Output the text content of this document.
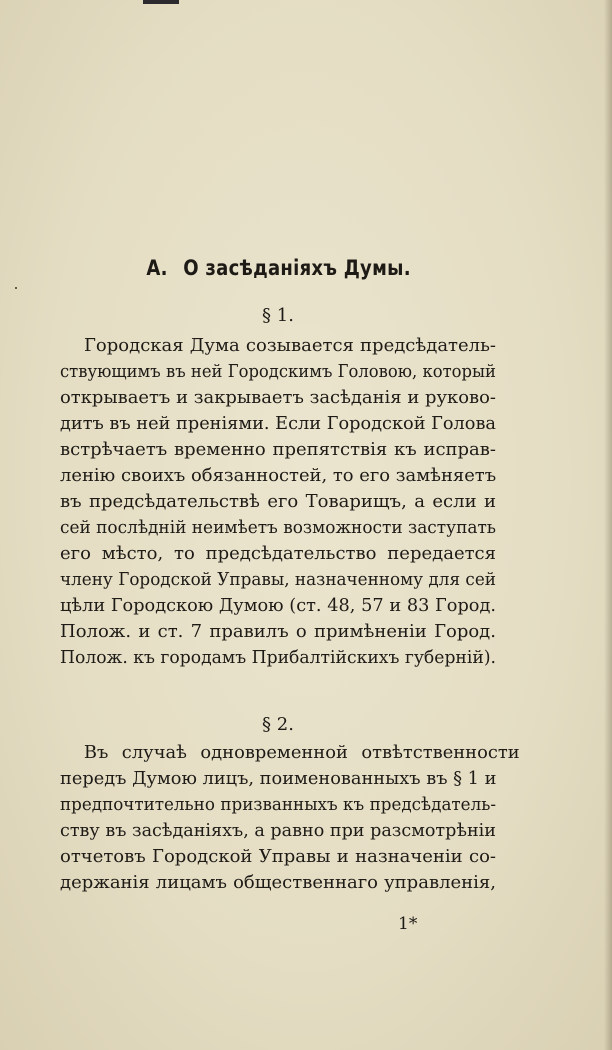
А. О засѣданіяхъ Думы.
§ 1.
Городская Дума созывается предсѣдатель-
ствующимъ въ ней Городскимъ Головою, который
открываетъ и закрываетъ засѣданія и руково-
дитъ въ ней преніями. Если Городской Голова
встрѣчаетъ временно препятствія къ исправ-
ленію своихъ обязанностей, то его замѣняетъ
въ предсѣдательствѣ его Товарищъ, а если и
сей послѣдній неимѣетъ возможности заступать
его мѣсто, то предсѣдательство передается
члену Городской Управы, назначенному для сей
цѣли Городскою Думою (ст. 48, 57 и 83 Город.
Полож. и ст. 7 правилъ о примѣненіи Город.
Полож. къ городамъ Прибалтійскихъ губерній).
§ 2.
Въ случаѣ одновременной отвѣтственности
передъ Думою лицъ, поименованныхъ въ § 1 и
предпочтительно призванныхъ къ предсѣдатель-
ству въ засѣданіяхъ, а равно при разсмотрѣніи
отчетовъ Городской Управы и назначеніи со-
держанія лицамъ общественнаго управленія,
1*
